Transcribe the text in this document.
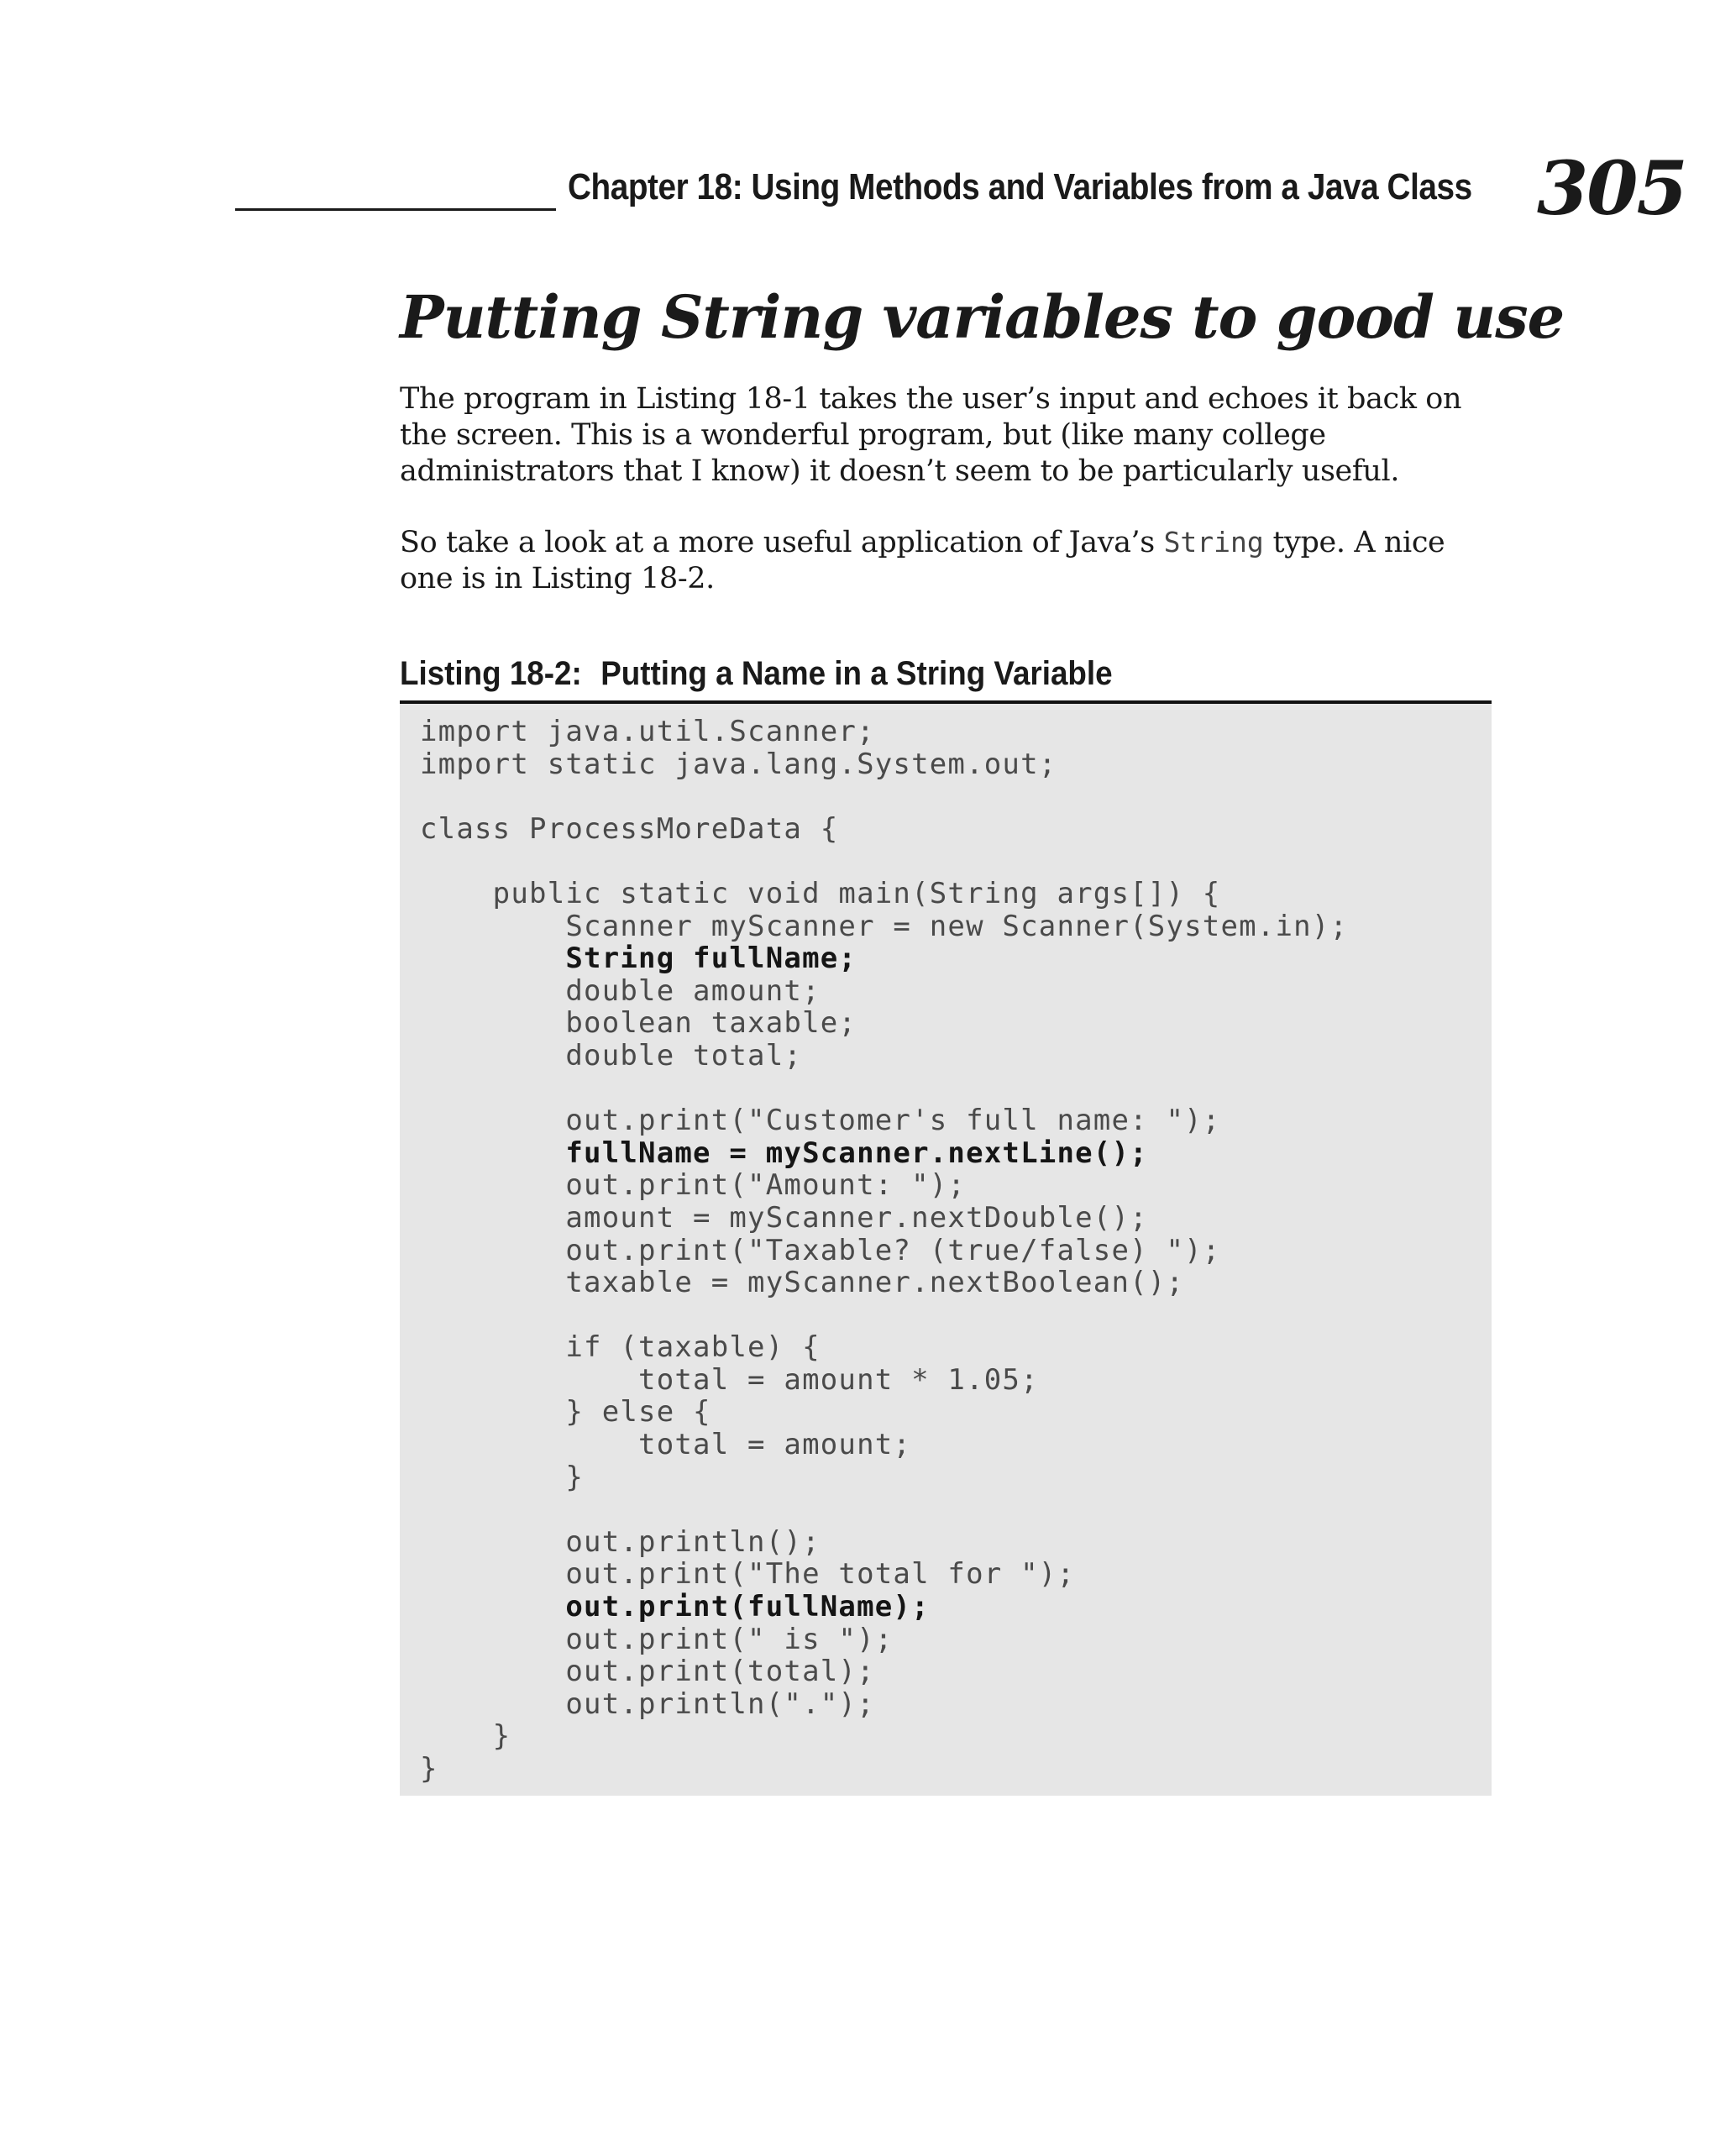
Chapter 18: Using Methods and Variables from a Java Class 305
Putting String variables to good use

The program in Listing 18-1 takes the user’s input and echoes it back on the screen. This is a wonderful program, but (like many college administrators that I know) it doesn’t seem to be particularly useful.

So take a look at a more useful application of Java’s String type. A nice one is in Listing 18-2.

Listing 18-2: Putting a Name in a String Variable
import java.util.Scanner;
import static java.lang.System.out;

class ProcessMoreData {

public static void main(String args[]) {
Scanner myScanner = new Scanner(System.in);
String fullName;
double amount;
boolean taxable;
double total;

out.print("Customer's full name: ");
fullName = myScanner.nextLine();
out.print("Amount: ");
amount = myScanner.nextDouble();
out.print("Taxable? (true/false) ");
taxable = myScanner.nextBoolean();

if (taxable) {
total = amount * 1.05;
} else {
total = amount;
}

out.println();
out.print("The total for ");
out.print(fullName);
out.print(" is ");
out.print(total);
out.println(".");
}
}
